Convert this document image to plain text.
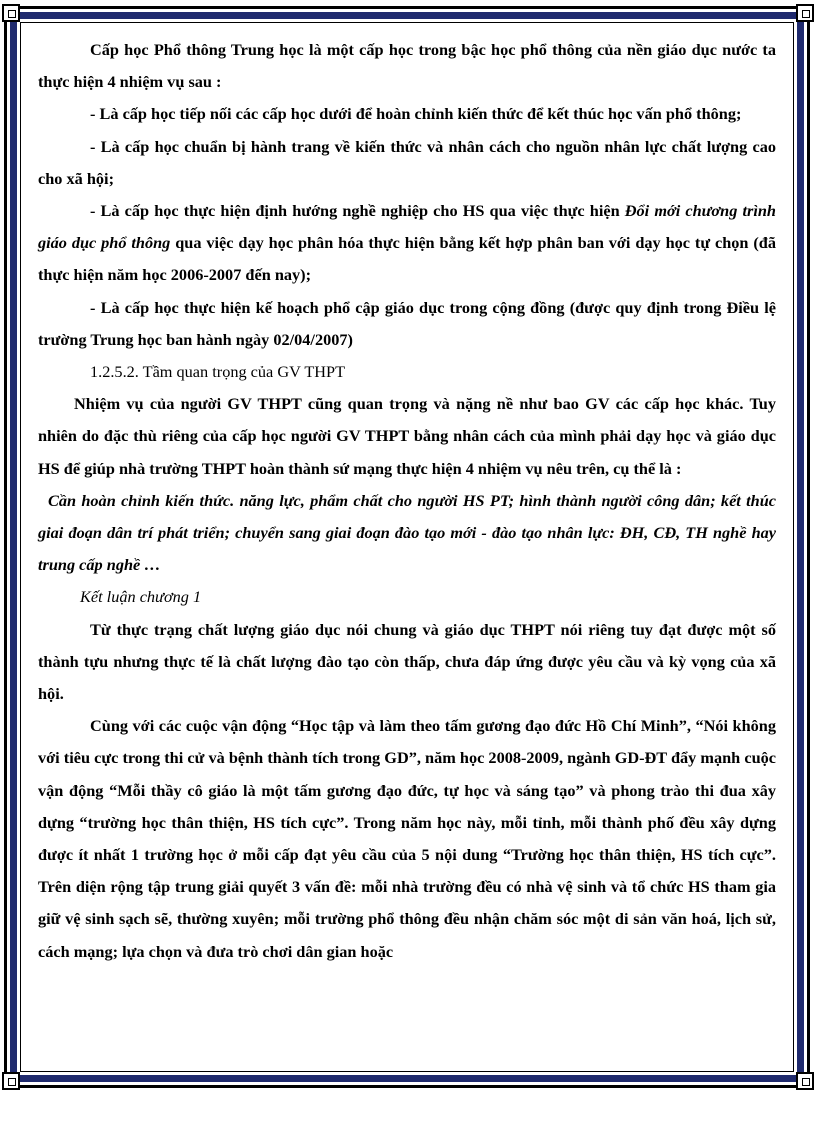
Cấp học Phổ thông Trung học là một cấp học trong bậc học phổ thông của nền giáo dục nước ta thực hiện 4 nhiệm vụ sau :

- Là cấp học tiếp nối các cấp học dưới để hoàn chỉnh kiến thức để kết thúc học vấn phổ thông;

- Là cấp học chuẩn bị hành trang về kiến thức và nhân cách cho nguồn nhân lực chất lượng cao cho xã hội;

- Là cấp học thực hiện định hướng nghề nghiệp cho HS qua việc thực hiện Đổi mới chương trình giáo dục phổ thông qua việc dạy học phân hóa thực hiện bằng kết hợp phân ban với dạy học tự chọn (đã thực hiện năm học 2006-2007 đến nay);

- Là cấp học thực hiện kế hoạch phổ cập giáo dục trong cộng đồng (được quy định trong Điều lệ trường Trung học ban hành ngày 02/04/2007)

1.2.5.2. Tầm quan trọng của GV THPT

Nhiệm vụ của người GV THPT cũng quan trọng và nặng nề như bao GV các cấp học khác. Tuy nhiên do đặc thù riêng của cấp học người GV THPT bằng nhân cách của mình phải dạy học và giáo dục HS để giúp nhà trường THPT hoàn thành sứ mạng thực hiện 4 nhiệm vụ nêu trên, cụ thể là :

Cần hoàn chỉnh kiến thức. năng lực, phẩm chất cho người HS PT; hình thành người công dân; kết thúc giai đoạn dân trí phát triển; chuyển sang giai đoạn đào tạo mới - đào tạo nhân lực: ĐH, CĐ, TH nghề hay trung cấp nghề …

Kết luận chương 1

Từ thực trạng chất lượng giáo dục nói chung và giáo dục THPT nói riêng tuy đạt được một số thành tựu nhưng thực tế là chất lượng đào tạo còn thấp, chưa đáp ứng được yêu cầu và kỳ vọng của xã hội.

Cùng với các cuộc vận động “Học tập và làm theo tấm gương đạo đức Hồ Chí Minh”, “Nói không với tiêu cực trong thi cử và bệnh thành tích trong GD”, năm học 2008-2009, ngành GD-ĐT đẩy mạnh cuộc vận động “Mỗi thầy cô giáo là một tấm gương đạo đức, tự học và sáng tạo” và phong trào thi đua xây dựng “trường học thân thiện, HS tích cực”. Trong năm học này, mỗi tỉnh, mỗi thành phố đều xây dựng được ít nhất 1 trường học ở mỗi cấp đạt yêu cầu của 5 nội dung “Trường học thân thiện, HS tích cực”. Trên diện rộng tập trung giải quyết 3 vấn đề: mỗi nhà trường đều có nhà vệ sinh và tổ chức HS tham gia giữ vệ sinh sạch sẽ, thường xuyên; mỗi trường phổ thông đều nhận chăm sóc một di sản văn hoá, lịch sử, cách mạng; lựa chọn và đưa trò chơi dân gian hoặc
